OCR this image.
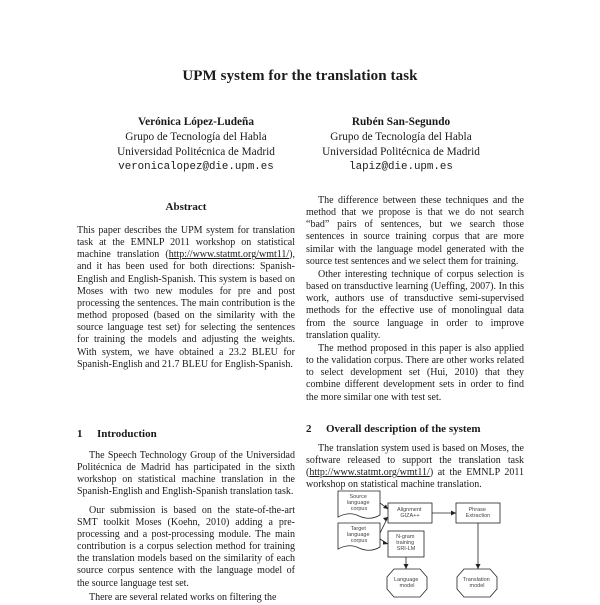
UPM system for the translation task
Verónica López-Ludeña
Grupo de Tecnología del Habla
Universidad Politécnica de Madrid
veronicalopez@die.upm.es
Rubén San-Segundo
Grupo de Tecnología del Habla
Universidad Politécnica de Madrid
lapiz@die.upm.es
Abstract

This paper describes the UPM system for translation task at the EMNLP 2011 workshop on statistical machine translation (http://www.statmt.org/wmt11/), and it has been used for both directions: Spanish-English and English-Spanish. This system is based on Moses with two new modules for pre and post processing the sentences. The main contribution is the method proposed (based on the similarity with the source language test set) for selecting the sentences for training the models and adjusting the weights. With system, we have obtained a 23.2 BLEU for Spanish-English and 21.7 BLEU for English-Spanish.

1 Introduction

The Speech Technology Group of the Universidad Politécnica de Madrid has participated in the sixth workshop on statistical machine translation in the Spanish-English and English-Spanish translation task.

Our submission is based on the state-of-the-art SMT toolkit Moses (Koehn, 2010) adding a pre-processing and a post-processing module. The main contribution is a corpus selection method for training the translation models based on the similarity of each source corpus sentence with the language model of the source language test set.

There are several related works on filtering the

The difference between these techniques and the method that we propose is that we do not search “bad” pairs of sentences, but we search those sentences in source training corpus that are more similar with the language model generated with the source test sentences and we select them for training.

Other interesting technique of corpus selection is based on transductive learning (Ueffing, 2007). In this work, authors use of transductive semi-supervised methods for the effective use of monolingual data from the source language in order to improve translation quality.

The method proposed in this paper is also applied to the validation corpus. There are other works related to select development set (Hui, 2010) that they combine different development sets in order to find the more similar one with test set.

2 Overall description of the system

The translation system used is based on Moses, the software released to support the translation task (http://www.statmt.org/wmt11/) at the EMNLP 2011 workshop on statistical machine translation.

Source language corpus
Target language corpus
Alignment GIZA++
Phrase Extraction
N-gram training SRI-LM
Language model
Translation model
